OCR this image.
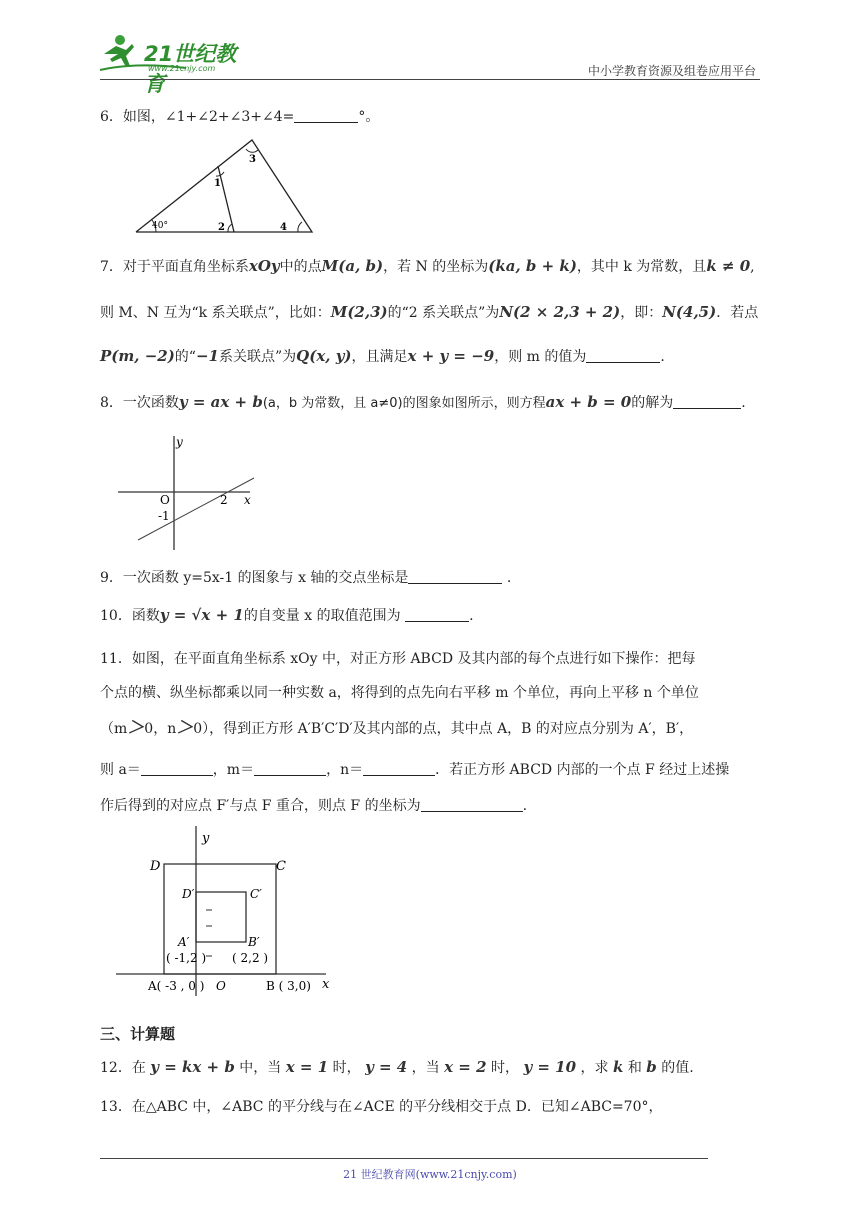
21世纪教育
www.21cnjy.com	中小学教育资源及组卷应用平台
6．如图，∠1+∠2+∠3+∠4=	°。
40°
1
2
3
4
7．对于平面直角坐标系xOy中的点M(a, b)，若 N 的坐标为(ka, b + k)，其中 k 为常数，且k ≠ 0,
则 M、N 互为“k 系关联点”，比如：M(2,3)的“2 系关联点”为N(2 × 2,3 + 2)，即：N(4,5)．若点
P(m, −2)的“−1系关联点”为Q(x, y)，且满足x + y = −9，则 m 的值为	.
8．一次函数y = ax + b(a，b 为常数，且 a≠0)的图象如图所示，则方程ax + b = 0的解为	.
y
x
O	2
-1
9．一次函数 y=5x-1 的图象与 x 轴的交点坐标是	.
10．函数y = √x + 1的自变量 x 的取值范围为	.
11．如图，在平面直角坐标系 xOy 中，对正方形 ABCD 及其内部的每个点进行如下操作：把每
个点的横、纵坐标都乘以同一种实数 a，将得到的点先向右平移 m 个单位，再向上平移 n 个单位
（m＞0，n＞0），得到正方形 A′B′C′D′及其内部的点，其中点 A，B 的对应点分别为 A′，B′，
则 a＝	，m＝	，n＝	．若正方形 ABCD 内部的一个点 F 经过上述操
作后得到的对应点 F′与点 F 重合，则点 F 的坐标为	.
y
x
D	C
D′	C′
A′	B′
( -1,2 ) ( 2,2 )
A( -3 , 0 ) O	B ( 3,0)
三、计算题
12．在 y = kx + b 中，当 x = 1 时， y = 4 ，当 x = 2 时， y = 10 ，求 k 和 b 的值.
13．在△ABC 中，∠ABC 的平分线与在∠ACE 的平分线相交于点 D．已知∠ABC=70°，
21 世纪教育网(www.21cnjy.com)
